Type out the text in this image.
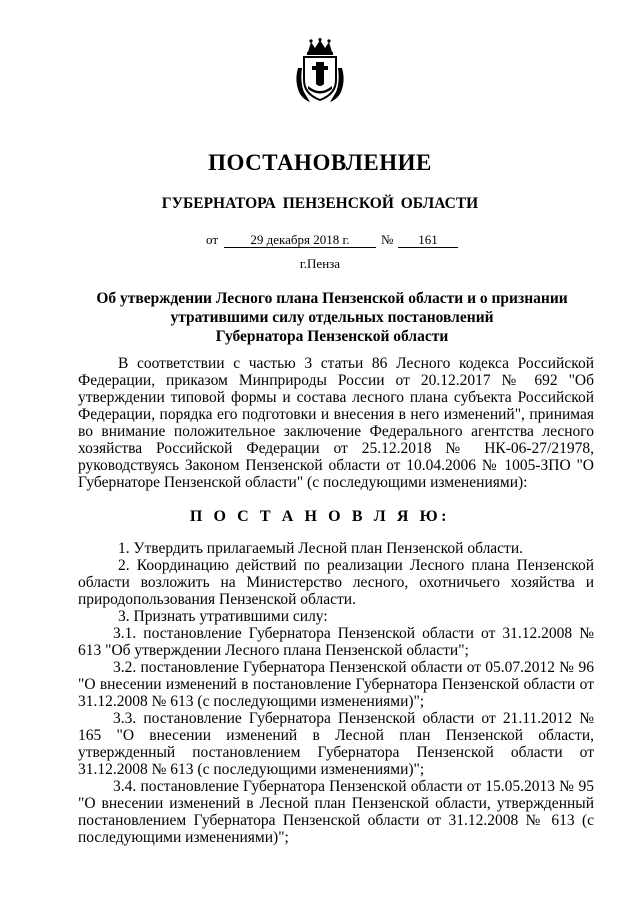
ПОСТАНОВЛЕНИЕ
ГУБЕРНАТОРА ПЕНЗЕНСКОЙ ОБЛАСТИ
от	29 декабря 2018 г.	№	161
г.Пенза
Об утверждении Лесного плана Пензенской области и о признании
утратившими силу отдельных постановлений
Губернатора Пензенской области
В соответствии с частью 3 статьи 86 Лесного кодекса Российской Федерации, приказом Минприроды России от 20.12.2017 № 692 "Об утверждении типовой формы и состава лесного плана субъекта Российской Федерации, порядка его подготовки и внесения в него изменений", принимая во внимание положительное заключение Федерального агентства лесного хозяйства Российской Федерации от 25.12.2018 № НК-06-27/21978, руководствуясь Законом Пензенской области от 10.04.2006 № 1005-ЗПО "О Губернаторе Пензенской области" (с последующими изменениями):
П О С Т А Н О В Л Я Ю:

1. Утвердить прилагаемый Лесной план Пензенской области.

2. Координацию действий по реализации Лесного плана Пензенской области возложить на Министерство лесного, охотничьего хозяйства и природопользования Пензенской области.

3. Признать утратившими силу:

3.1. постановление Губернатора Пензенской области от 31.12.2008 № 613 "Об утверждении Лесного плана Пензенской области";

3.2. постановление Губернатора Пензенской области от 05.07.2012 № 96 "О внесении изменений в постановление Губернатора Пензенской области от 31.12.2008 № 613 (с последующими изменениями)";

3.3. постановление Губернатора Пензенской области от 21.11.2012 № 165 "О внесении изменений в Лесной план Пензенской области, утвержденный постановлением Губернатора Пензенской области от 31.12.2008 № 613 (с последующими изменениями)";

3.4. постановление Губернатора Пензенской области от 15.05.2013 № 95 "О внесении изменений в Лесной план Пензенской области, утвержденный постановлением Губернатора Пензенской области от 31.12.2008 № 613 (с последующими изменениями)";
